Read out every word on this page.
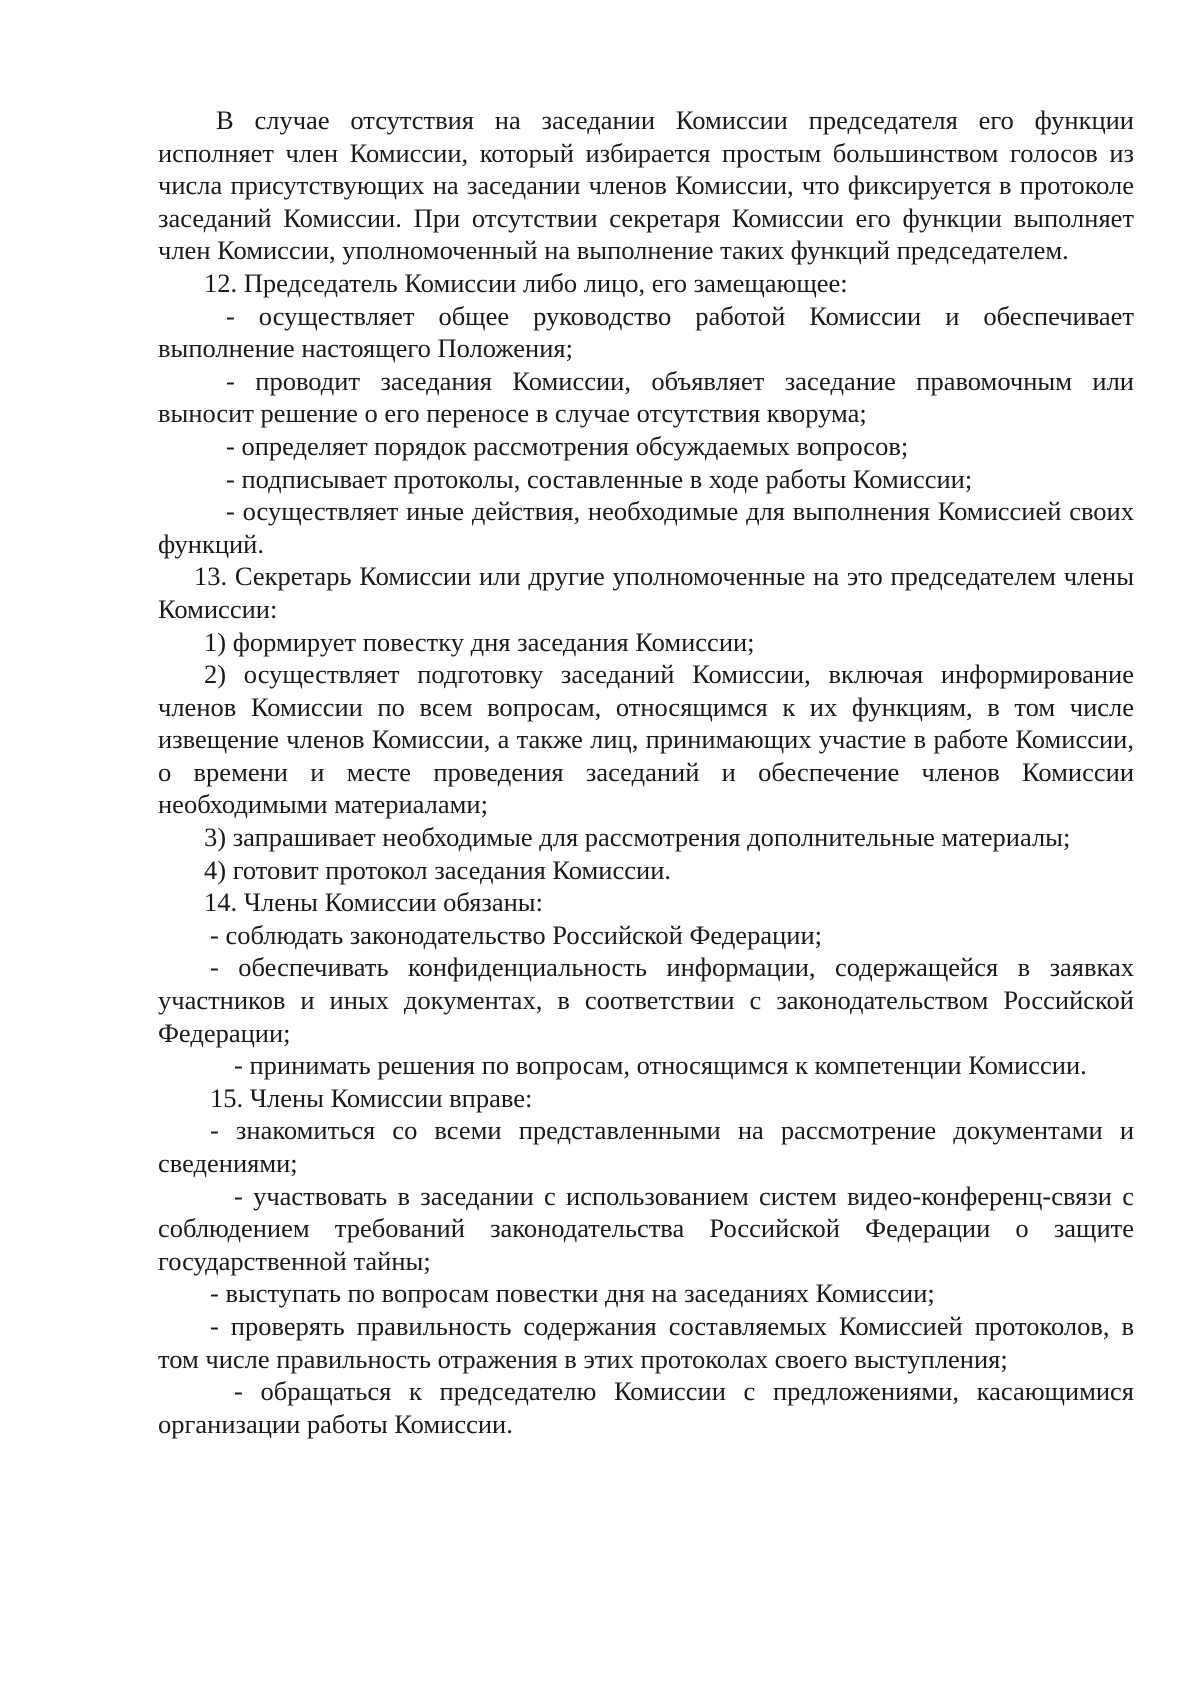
В случае отсутствия на заседании Комиссии председателя его функции исполняет член Комиссии, который избирается простым большинством голосов из числа присутствующих на заседании членов Комиссии, что фиксируется в протоколе заседаний Комиссии. При отсутствии секретаря Комиссии его функции выполняет член Комиссии, уполномоченный на выполнение таких функций председателем.

12. Председатель Комиссии либо лицо, его замещающее:

- осуществляет общее руководство работой Комиссии и обеспечивает выполнение настоящего Положения;

- проводит заседания Комиссии, объявляет заседание правомочным или выносит решение о его переносе в случае отсутствия кворума;

- определяет порядок рассмотрения обсуждаемых вопросов;

- подписывает протоколы, составленные в ходе работы Комиссии;

- осуществляет иные действия, необходимые для выполнения Комиссией своих функций.

13. Секретарь Комиссии или другие уполномоченные на это председателем члены Комиссии:

1) формирует повестку дня заседания Комиссии;

2) осуществляет подготовку заседаний Комиссии, включая информирование членов Комиссии по всем вопросам, относящимся к их функциям, в том числе извещение членов Комиссии, а также лиц, принимающих участие в работе Комиссии, о времени и месте проведения заседаний и обеспечение членов Комиссии необходимыми материалами;

3) запрашивает необходимые для рассмотрения дополнительные материалы;

4) готовит протокол заседания Комиссии.

14. Члены Комиссии обязаны:

- соблюдать законодательство Российской Федерации;

- обеспечивать конфиденциальность информации, содержащейся в заявках участников и иных документах, в соответствии с законодательством Российской Федерации;

- принимать решения по вопросам, относящимся к компетенции Комиссии.

15. Члены Комиссии вправе:

- знакомиться со всеми представленными на рассмотрение документами и сведениями;

- участвовать в заседании с использованием систем видео-конференц-связи с соблюдением требований законодательства Российской Федерации о защите государственной тайны;

- выступать по вопросам повестки дня на заседаниях Комиссии;

- проверять правильность содержания составляемых Комиссией протоколов, в том числе правильность отражения в этих протоколах своего выступления;

- обращаться к председателю Комиссии с предложениями, касающимися организации работы Комиссии.
